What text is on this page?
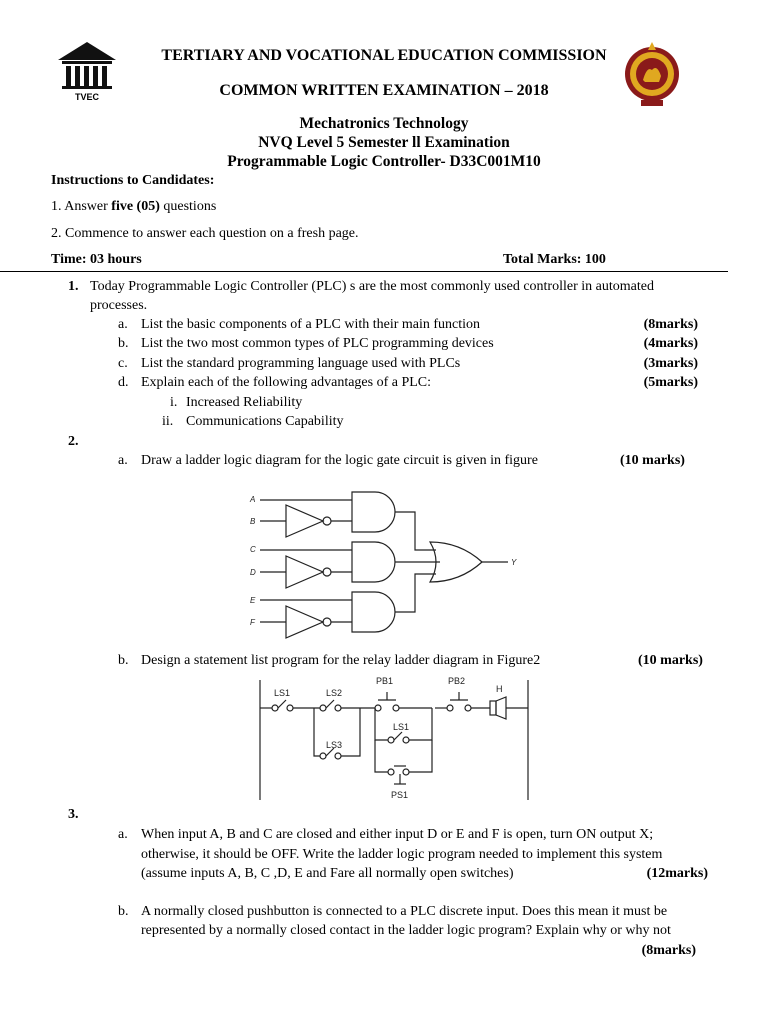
TVEC
TERTIARY AND VOCATIONAL EDUCATION COMMISSION
COMMON WRITTEN EXAMINATION – 2018
Mechatronics Technology
NVQ Level 5 Semester ll Examination
Programmable Logic Controller- D33C001M10
Instructions to Candidates:
1. Answer five (05) questions
2. Commence to answer each question on a fresh page.
Time: 03 hours	Total Marks: 100
1. Today Programmable Logic Controller (PLC) s are the most commonly used controller in automated
processes.
a. List the basic components of a PLC with their main function	(8marks)
b. List the two most common types of PLC programming devices	(4marks)
c. List the standard programming language used with PLCs	(3marks)
d. Explain each of the following advantages of a PLC:	(5marks)
i. Increased Reliability
ii. Communications Capability
2.
a. Draw a ladder logic diagram for the logic gate circuit is given in figure	(10 marks)
A
B
C
D
E
F
Y
b. Design a statement list program for the relay ladder diagram in Figure2	(10 marks)
LS1	LS2
PB1	PB2
H
LS1
LS3
PS1
3.
a. When input A, B and C are closed and either input D or E and F is open, turn ON output X;
otherwise, it should be OFF. Write the ladder logic program needed to implement this system
(assume inputs A, B, C ,D, E and Fare all normally open switches)	(12marks)
b. A normally closed pushbutton is connected to a PLC discrete input. Does this mean it must be
represented by a normally closed contact in the ladder logic program? Explain why or why not
(8marks)
